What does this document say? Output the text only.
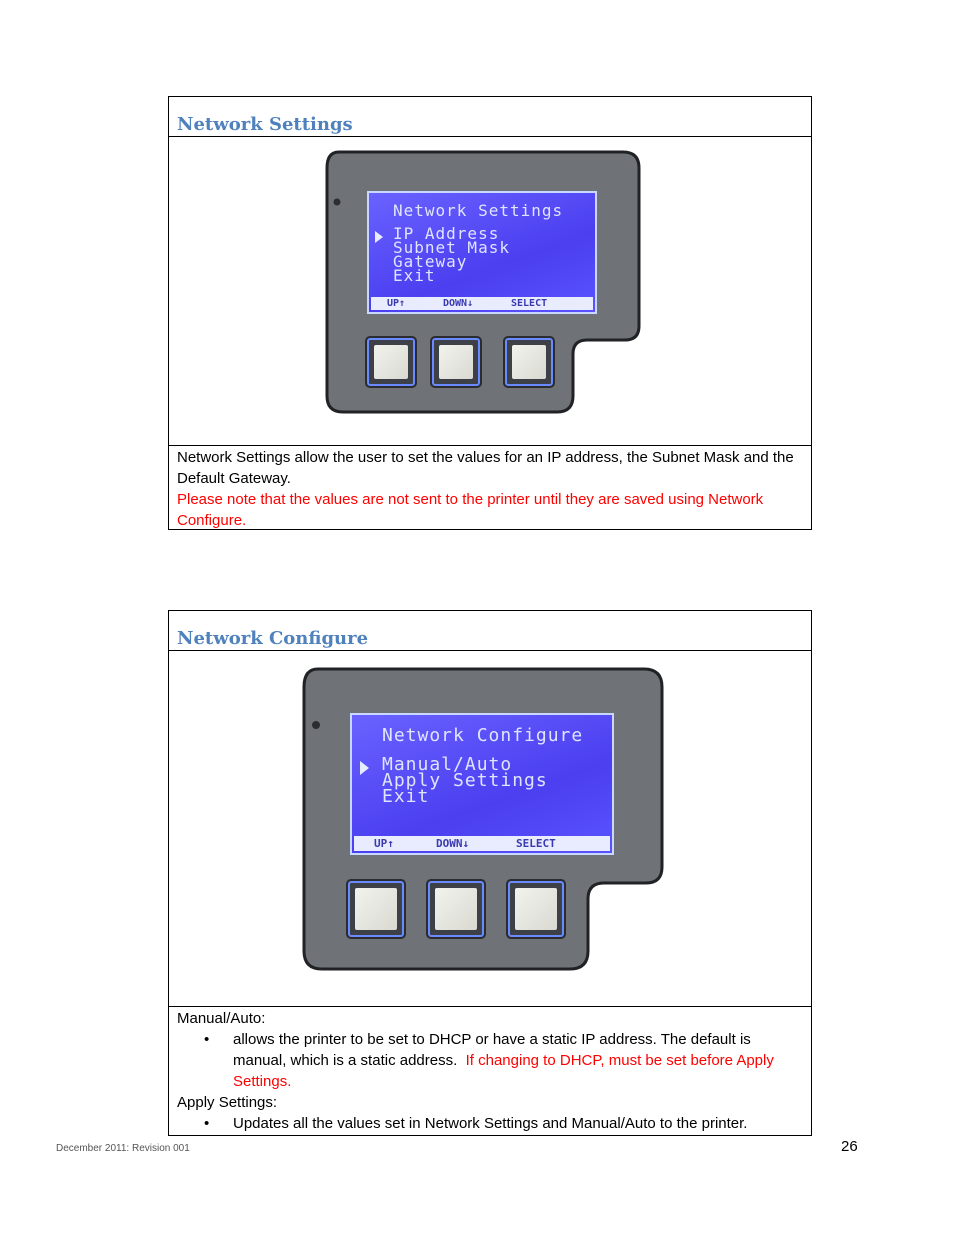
Network Settings
Network Settings
IP Address
Subnet Mask
Gateway
Exit
UP↑	DOWN↓	SELECT
Network Settings allow the user to set the values for an IP address, the Subnet Mask and the Default Gateway.
Please note that the values are not sent to the printer until they are saved using Network Configure.
Network Configure
Network Configure
Manual/Auto
Apply Settings
Exit
UP↑	DOWN↓	SELECT
Manual/Auto:
• allows the printer to be set to DHCP or have a static IP address. The default is manual, which is a static address. If changing to DHCP, must be set before Apply Settings.
Apply Settings:
• Updates all the values set in Network Settings and Manual/Auto to the printer.
December 2011: Revision 001	26
